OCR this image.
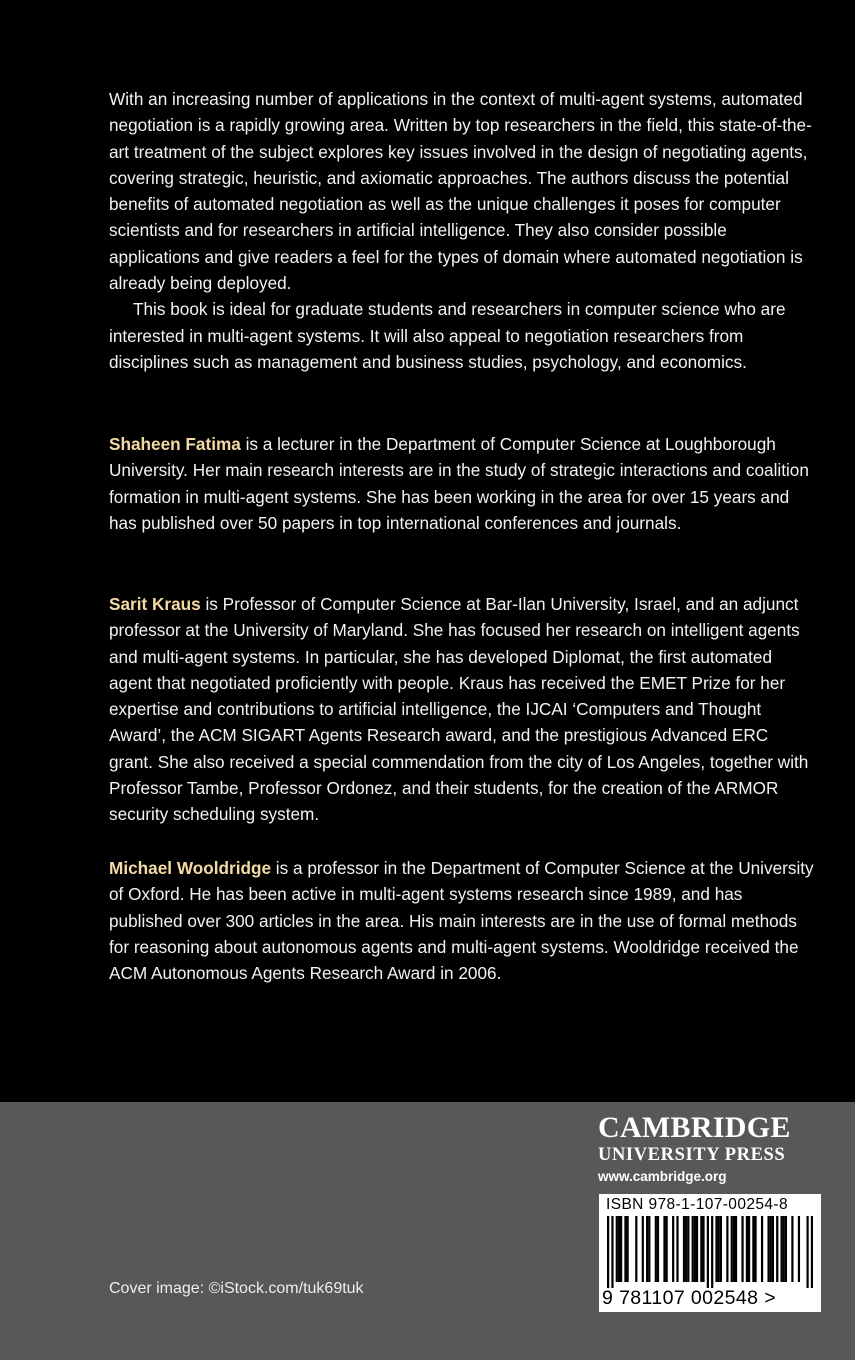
With an increasing number of applications in the context of multi-agent systems, automated negotiation is a rapidly growing area. Written by top researchers in the field, this state-of-the-art treatment of the subject explores key issues involved in the design of negotiating agents, covering strategic, heuristic, and axiomatic approaches. The authors discuss the potential benefits of automated negotiation as well as the unique challenges it poses for computer scientists and for researchers in artificial intelligence. They also consider possible applications and give readers a feel for the types of domain where automated negotiation is already being deployed.

This book is ideal for graduate students and researchers in computer science who are interested in multi-agent systems. It will also appeal to negotiation researchers from disciplines such as management and business studies, psychology, and economics.

Shaheen Fatima is a lecturer in the Department of Computer Science at Loughborough University. Her main research interests are in the study of strategic interactions and coalition formation in multi-agent systems. She has been working in the area for over 15 years and has published over 50 papers in top international conferences and journals.

Sarit Kraus is Professor of Computer Science at Bar-Ilan University, Israel, and an adjunct professor at the University of Maryland. She has focused her research on intelligent agents and multi-agent systems. In particular, she has developed Diplomat, the first automated agent that negotiated proficiently with people. Kraus has received the EMET Prize for her expertise and contributions to artificial intelligence, the IJCAI ‘Computers and Thought Award’, the ACM SIGART Agents Research award, and the prestigious Advanced ERC grant. She also received a special commendation from the city of Los Angeles, together with Professor Tambe, Professor Ordonez, and their students, for the creation of the ARMOR security scheduling system.

Michael Wooldridge is a professor in the Department of Computer Science at the University of Oxford. He has been active in multi-agent systems research since 1989, and has published over 300 articles in the area. His main interests are in the use of formal methods for reasoning about autonomous agents and multi-agent systems. Wooldridge received the ACM Autonomous Agents Research Award in 2006.

Cover image: ©iStock.com/tuk69tuk
CAMBRIDGE
UNIVERSITY PRESS
www.cambridge.org
ISBN 978-1-107-00254-8
9 781107 002548 >
